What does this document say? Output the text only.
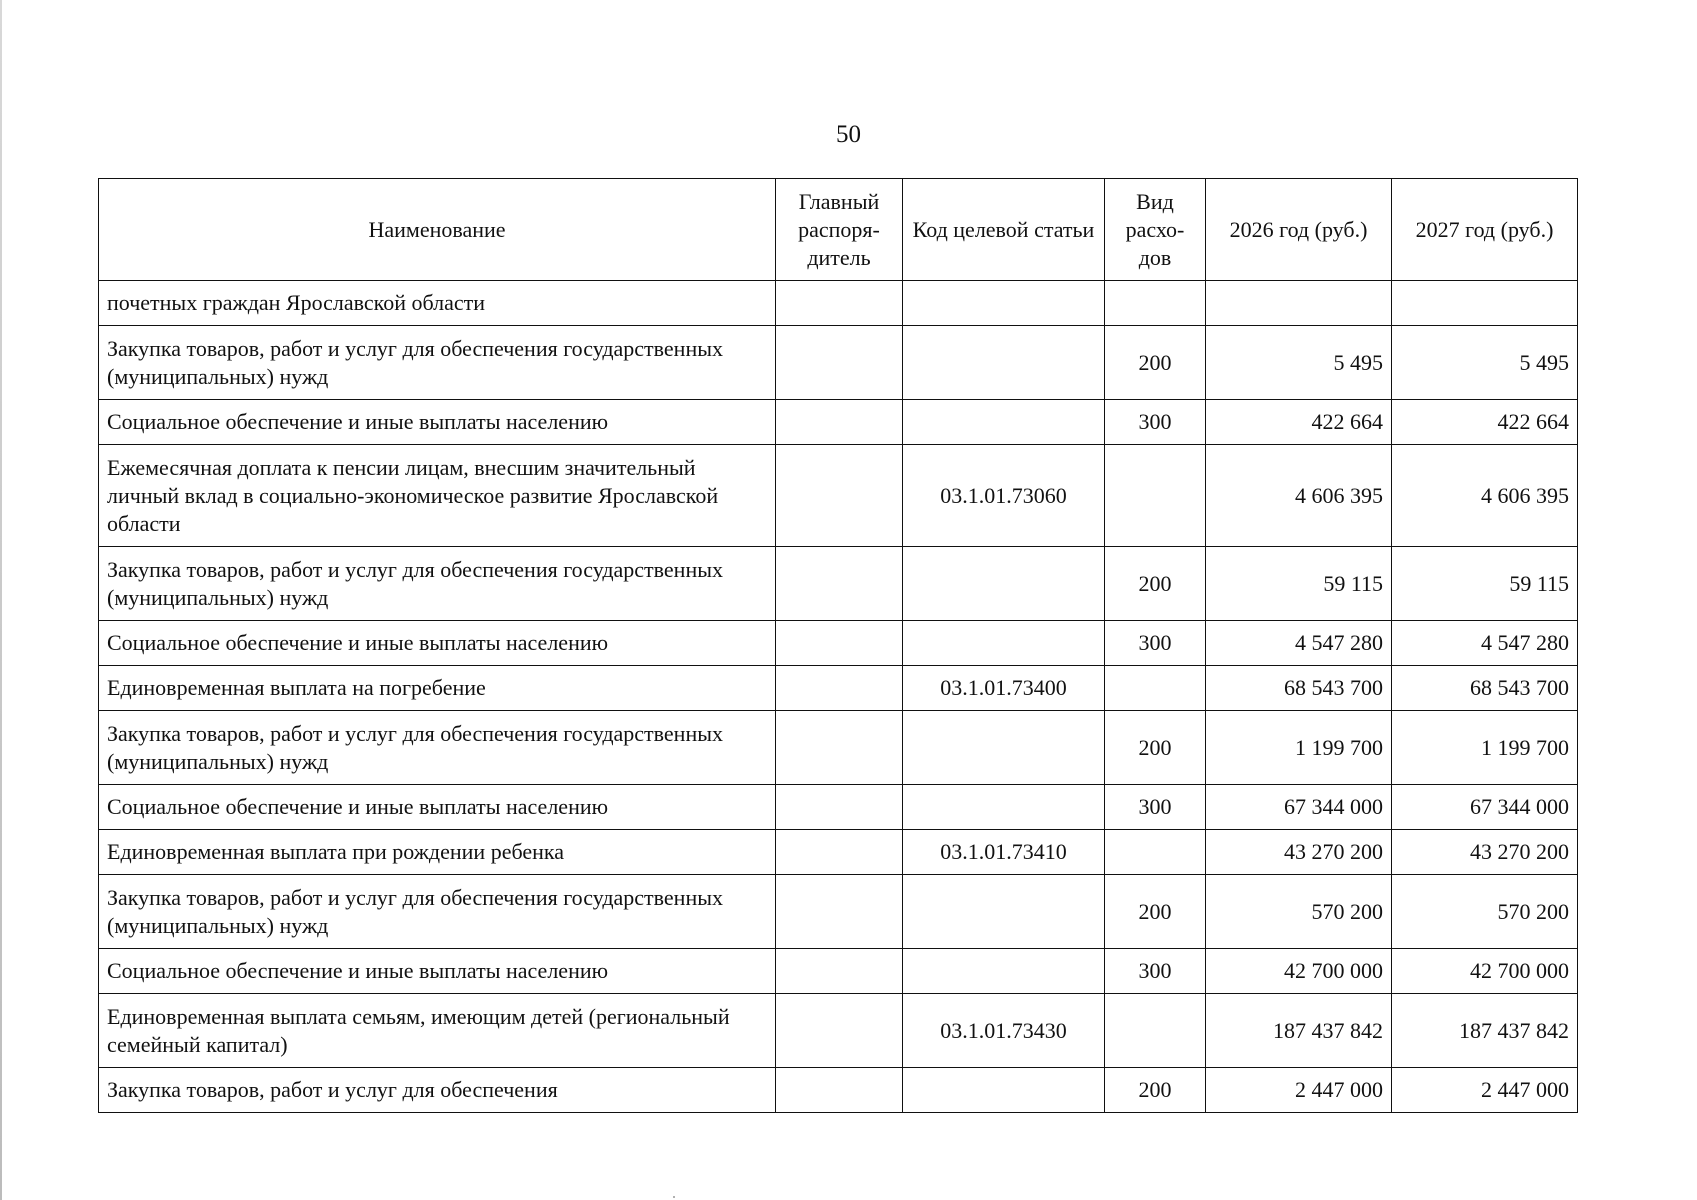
50
Наименование	Главный распоря-дитель	Код целевой статьи	Вид расхо-дов	2026 год (руб.)	2027 год (руб.)
почетных граждан Ярославской области					
Закупка товаров, работ и услуг для обеспечения государственных (муниципальных) нужд			200	5 495	5 495
Социальное обеспечение и иные выплаты населению			300	422 664	422 664
Ежемесячная доплата к пенсии лицам, внесшим значительный личный вклад в социально-экономическое развитие Ярославской области		03.1.01.73060		4 606 395	4 606 395
Закупка товаров, работ и услуг для обеспечения государственных (муниципальных) нужд			200	59 115	59 115
Социальное обеспечение и иные выплаты населению			300	4 547 280	4 547 280
Единовременная выплата на погребение		03.1.01.73400		68 543 700	68 543 700
Закупка товаров, работ и услуг для обеспечения государственных (муниципальных) нужд			200	1 199 700	1 199 700
Социальное обеспечение и иные выплаты населению			300	67 344 000	67 344 000
Единовременная выплата при рождении ребенка		03.1.01.73410		43 270 200	43 270 200
Закупка товаров, работ и услуг для обеспечения государственных (муниципальных) нужд			200	570 200	570 200
Социальное обеспечение и иные выплаты населению			300	42 700 000	42 700 000
Единовременная выплата семьям, имеющим детей (региональный семейный капитал)		03.1.01.73430		187 437 842	187 437 842
Закупка товаров, работ и услуг для обеспечения			200	2 447 000	2 447 000
